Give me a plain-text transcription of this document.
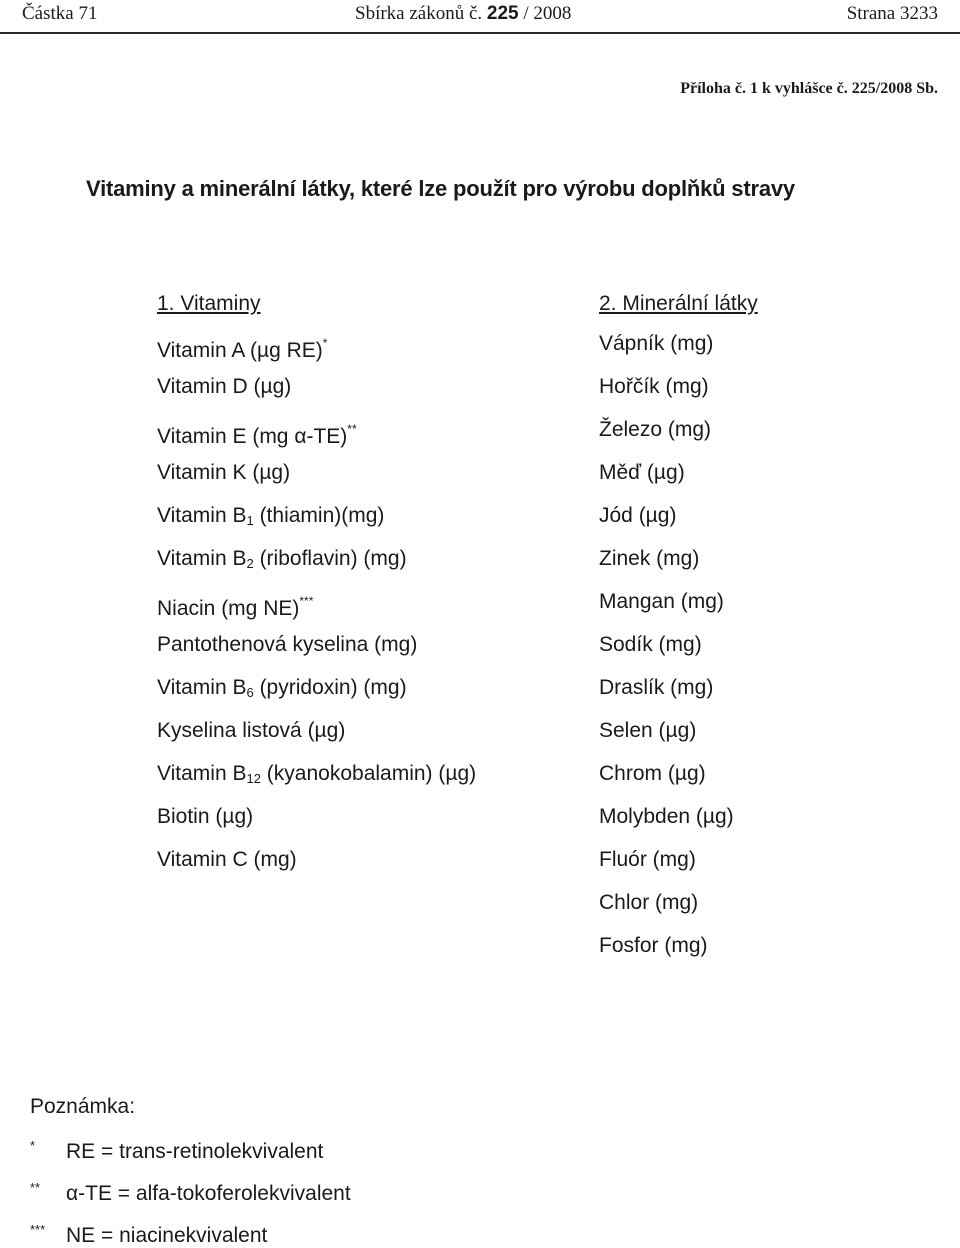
Částka 71	Sbírka zákonů č. 225 / 2008	Strana 3233
Příloha č. 1 k vyhlášce č. 225/2008 Sb.
Vitaminy a minerální látky, které lze použít pro výrobu doplňků stravy
1. Vitaminy
Vitamin A (µg RE)*
Vitamin D (µg)
Vitamin E (mg α-TE)**
Vitamin K (µg)
Vitamin $B_1$ (thiamin)(mg)
Vitamin $B_2$ (riboflavin) (mg)
Niacin (mg NE)***
Pantothenová kyselina (mg)
Vitamin $B_6$ (pyridoxin) (mg)
Kyselina listová (µg)
Vitamin $B_{12}$ (kyanokobalamin) (µg)
Biotin (µg)
Vitamin C (mg)
2. Minerální látky
Vápník (mg)
Hořčík (mg)
Železo (mg)
Měď (µg)
Jód (µg)
Zinek (mg)
Mangan (mg)
Sodík (mg)
Draslík (mg)
Selen (µg)
Chrom (µg)
Molybden (µg)
Fluór (mg)
Chlor (mg)
Fosfor (mg)
Poznámka:
* RE = trans-retinolekvivalent
** α-TE = alfa-tokoferolekvivalent
*** NE = niacinekvivalent
